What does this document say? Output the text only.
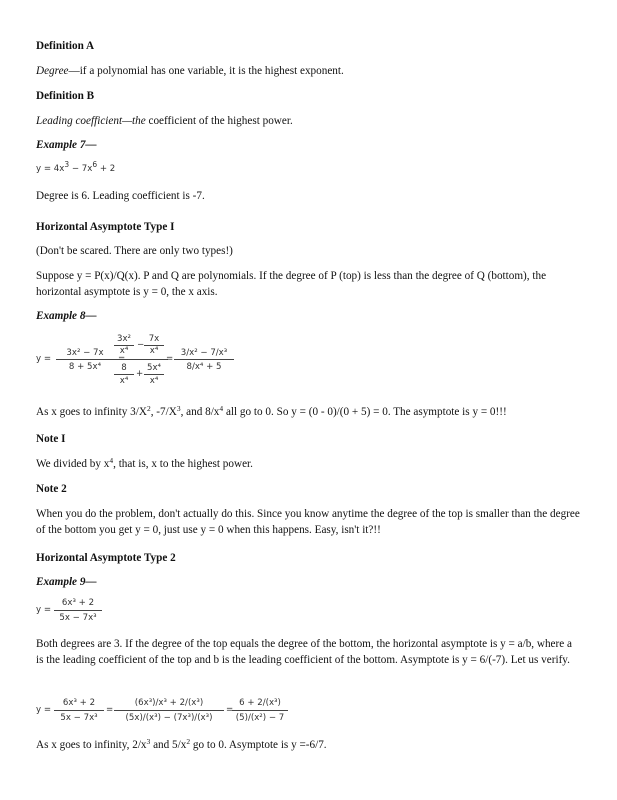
Definition A
Degree—if a polynomial has one variable, it is the highest exponent.
Definition B
Leading coefficient—the coefficient of the highest power.
Example 7—
$y = 4x^3 - 7x^6 + 2$
Degree is 6. Leading coefficient is -7.
Horizontal Asymptote Type I
(Don't be scared. There are only two types!)
Suppose y = P(x)/Q(x). P and Q are polynomials. If the degree of P (top) is less than the degree of Q (bottom), the horizontal asymptote is y = 0, the x axis.
Example 8—
y =
3x² − 7x
8 + 5x⁴
=
3x²
x⁴
−
7x
x⁴
8
x⁴
+
5x⁴
x⁴
=
3/x² − 7/x³
8/x⁴ + 5
As x goes to infinity $3/X^2$, $-7/X^3$, and $8/x^4$ all go to 0. So y = (0 - 0)/(0 + 5) = 0. The asymptote is y = 0!!!
Note I
We divided by $x^4$, that is, x to the highest power.
Note 2
When you do the problem, don't actually do this. Since you know anytime the degree of the top is smaller than the degree of the bottom you get y = 0, just use y = 0 when this happens. Easy, isn't it?!!
Horizontal Asymptote Type 2
Example 9—
y =
6x³ + 2
5x − 7x³
Both degrees are 3. If the degree of the top equals the degree of the bottom, the horizontal asymptote is y = a/b, where a is the leading coefficient of the top and b is the leading coefficient of the bottom. Asymptote is y = 6/(-7). Let us verify.
y =
6x³ + 2
5x − 7x³
=
(6x³)/x³ + 2/(x³)
(5x)/(x³) − (7x³)/(x³)
=
6 + 2/(x³)
(5)/(x²) − 7
As x goes to infinity, $2/x^3$ and $5/x^2$ go to 0. Asymptote is y =-6/7.
